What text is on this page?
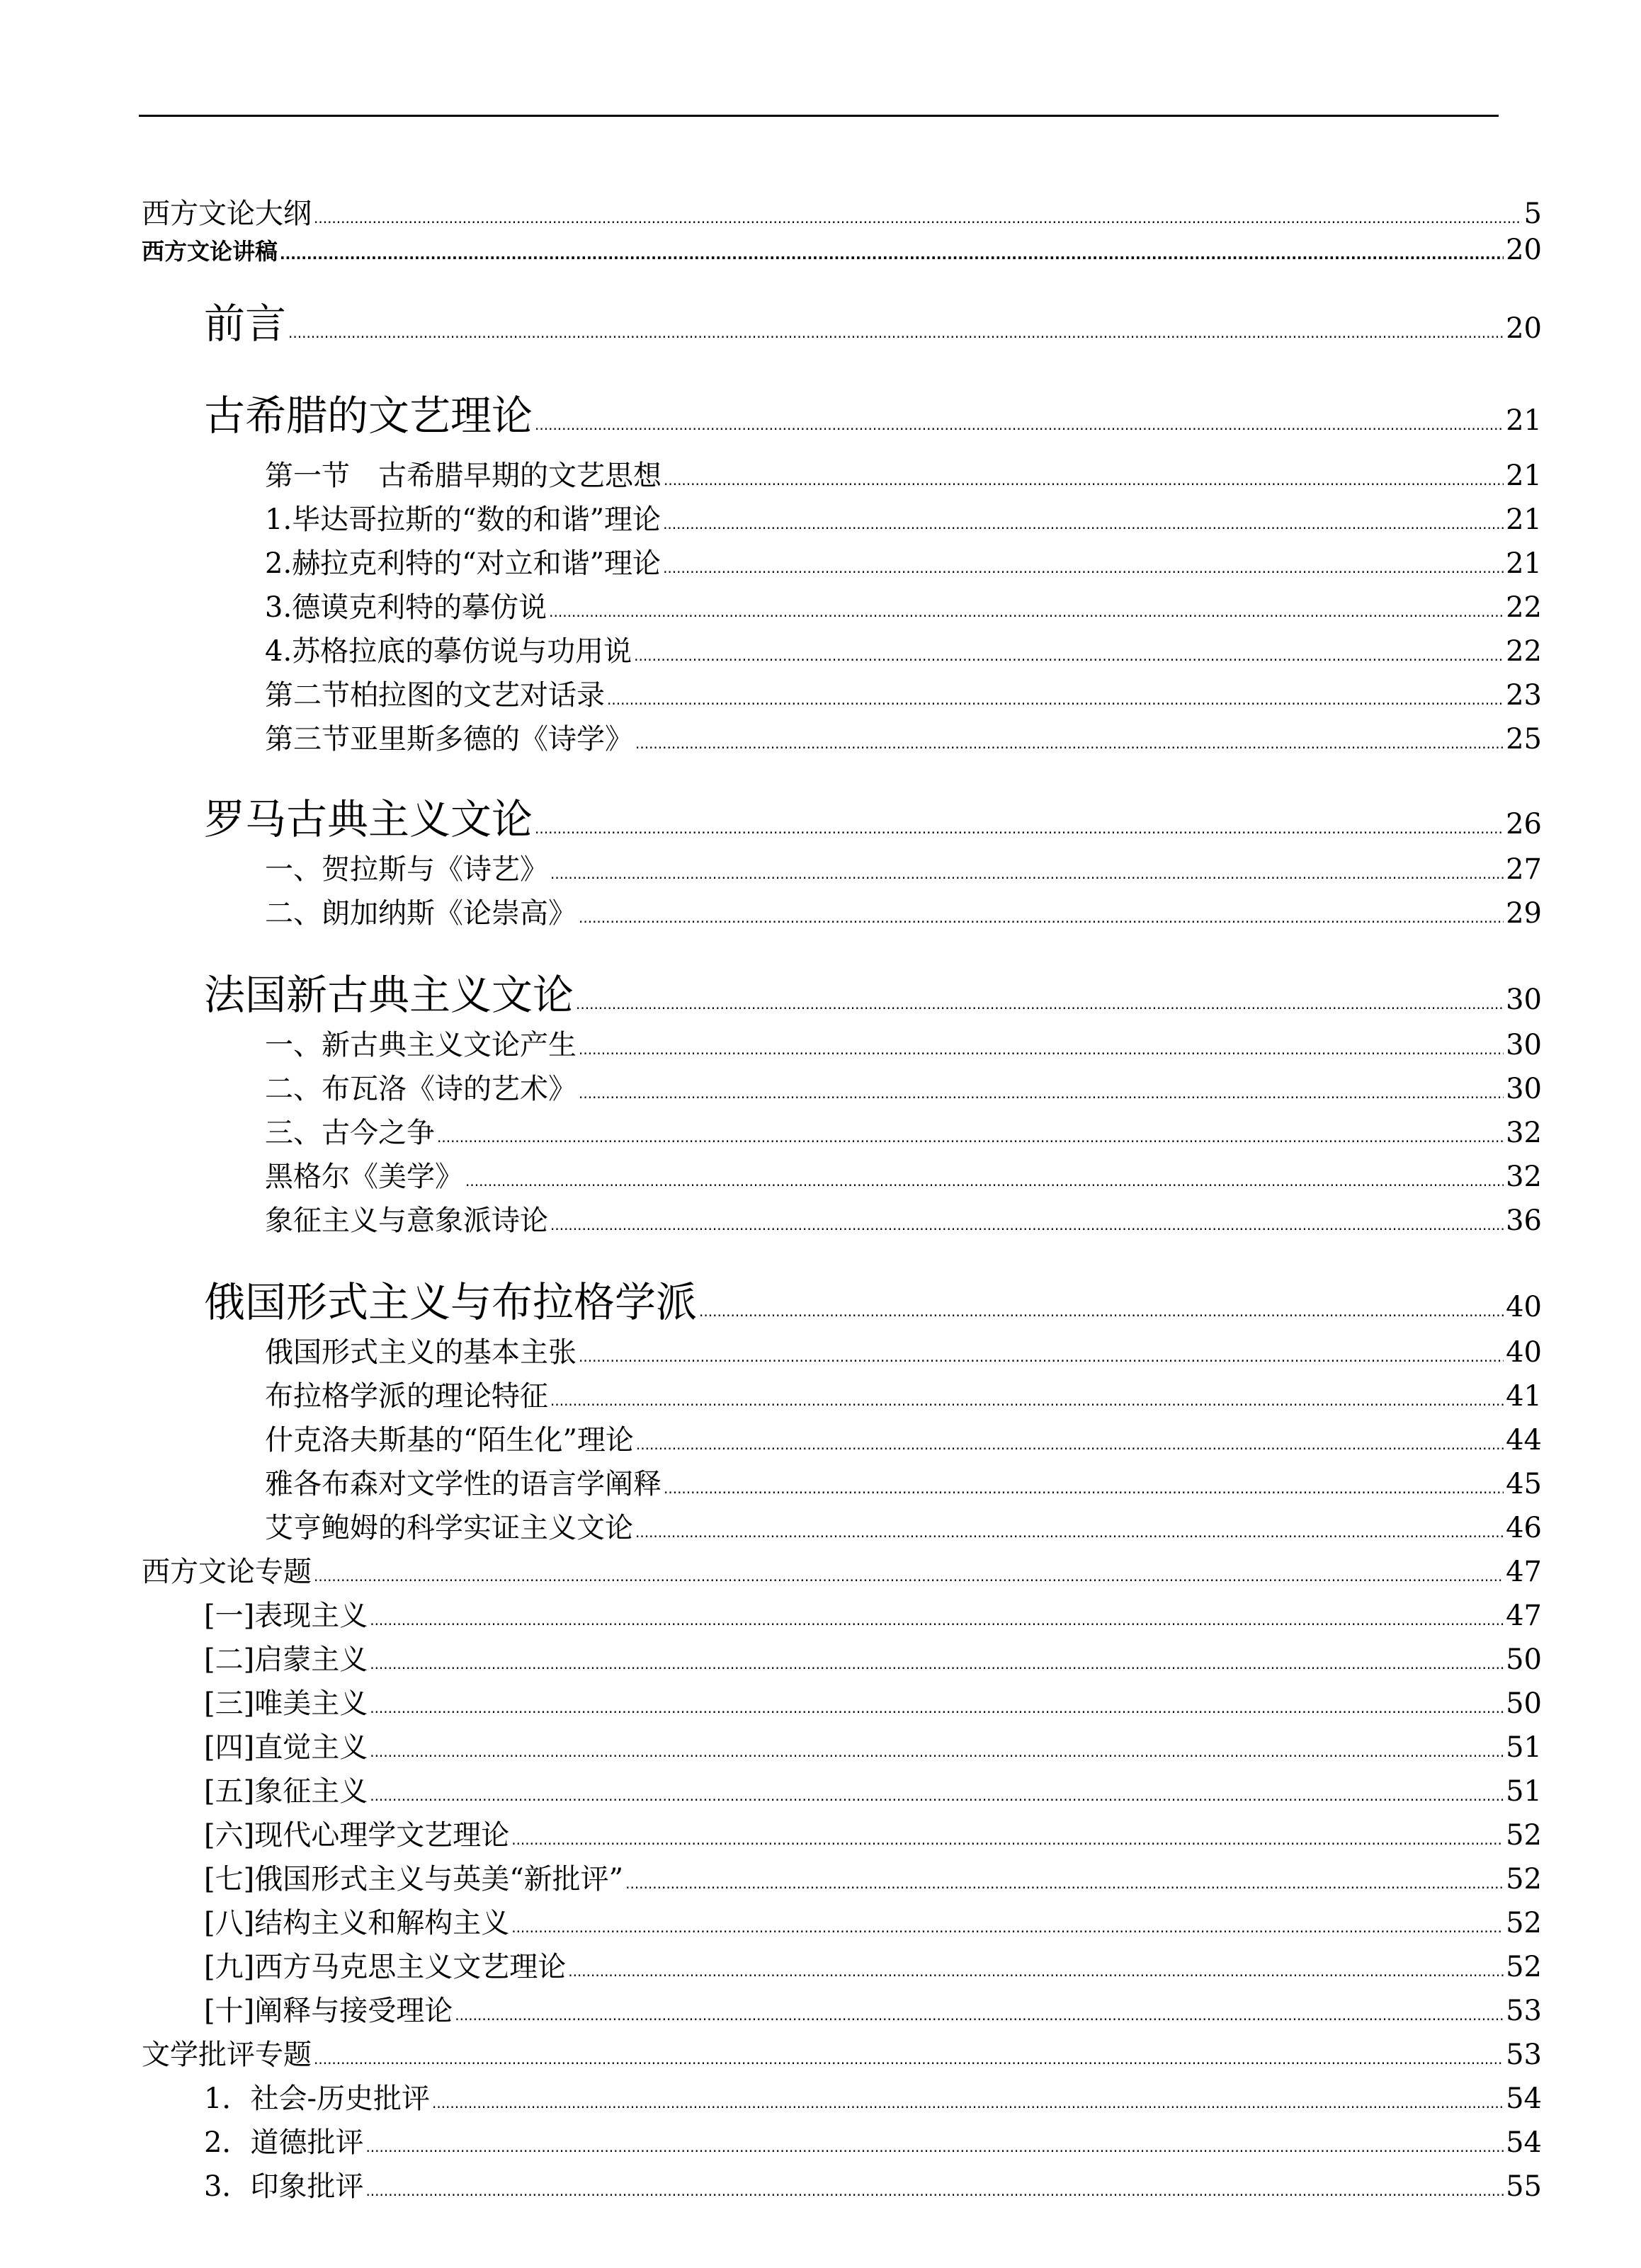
西方文论大纲 .....	5
西方文论讲稿 .....	20
前言 .....	20
古希腊的文艺理论 .....	21
第一节　古希腊早期的文艺思想 .....	21
1.毕达哥拉斯的“数的和谐”理论 .....	21
2.赫拉克利特的“对立和谐”理论 .....	21
3.德谟克利特的摹仿说 .....	22
4.苏格拉底的摹仿说与功用说 .....	22
第二节柏拉图的文艺对话录 .....	23
第三节亚里斯多德的《诗学》 .....	25
罗马古典主义文论 .....	26
一、贺拉斯与《诗艺》 .....	27
二、朗加纳斯《论崇高》 .....	29
法国新古典主义文论 .....	30
一、新古典主义文论产生 .....	30
二、布瓦洛《诗的艺术》 .....	30
三、古今之争 .....	32
黑格尔《美学》 .....	32
象征主义与意象派诗论 .....	36
俄国形式主义与布拉格学派 .....	40
俄国形式主义的基本主张 .....	40
布拉格学派的理论特征 .....	41
什克洛夫斯基的“陌生化”理论 .....	44
雅各布森对文学性的语言学阐释 .....	45
艾亨鲍姆的科学实证主义文论 .....	46
西方文论专题 .....	47
[一]表现主义 .....	47
[二]启蒙主义 .....	50
[三]唯美主义 .....	50
[四]直觉主义 .....	51
[五]象征主义 .....	51
[六]现代心理学文艺理论 .....	52
[七]俄国形式主义与英美“新批评” .....	52
[八]结构主义和解构主义 .....	52
[九]西方马克思主义文艺理论 .....	52
[十]阐释与接受理论 .....	53
文学批评专题 .....	53
1．社会-历史批评 .....	54
2．道德批评 .....	54
3．印象批评 .....	55
